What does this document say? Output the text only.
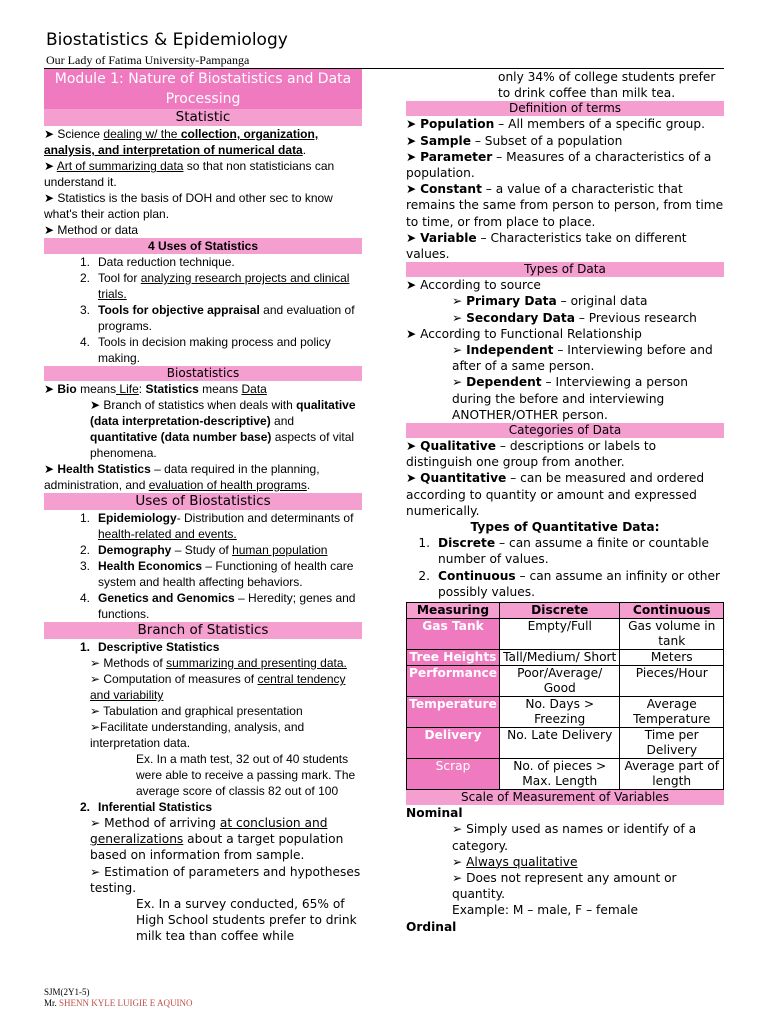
Biostatistics & Epidemiology
Our Lady of Fatima University-Pampanga
Module 1: Nature of Biostatistics and Data Processing
Statistic

➤ Science dealing w/ the collection, organization, analysis, and interpretation of numerical data.

➤ Art of summarizing data so that non statisticians can understand it.

➤ Statistics is the basis of DOH and other sec to know what's their action plan.

➤ Method or data

4 Uses of Statistics
1. Data reduction technique.
2. Tool for analyzing research projects and clinical trials.
3. Tools for objective appraisal and evaluation of programs.
4. Tools in decision making process and policy making.
Biostatistics

➤ Bio means Life: Statistics means Data

➤ Branch of statistics when deals with qualitative (data interpretation-descriptive) and quantitative (data number base) aspects of vital phenomena.

➤ Health Statistics – data required in the planning, administration, and evaluation of health programs.

Uses of Biostatistics
1. Epidemiology- Distribution and determinants of health-related and events.
2. Demography – Study of human population
3. Health Economics – Functioning of health care system and health affecting behaviors.
4. Genetics and Genomics – Heredity; genes and functions.
Branch of Statistics
1. Descriptive Statistics

➢ Methods of summarizing and presenting data.

➢ Computation of measures of central tendency and variability

➢ Tabulation and graphical presentation

➢Facilitate understanding, analysis, and interpretation data.

Ex. In a math test, 32 out of 40 students were able to receive a passing mark. The average score of classis 82 out of 100

2. Inferential Statistics

➢ Method of arriving at conclusion and generalizations about a target population based on information from sample.

➢ Estimation of parameters and hypotheses testing.

Ex. In a survey conducted, 65% of High School students prefer to drink milk tea than coffee while

only 34% of college students prefer to drink coffee than milk tea.

Definition of terms

➤ Population – All members of a specific group.

➤ Sample – Subset of a population

➤ Parameter – Measures of a characteristics of a population.

➤ Constant – a value of a characteristic that remains the same from person to person, from time to time, or from place to place.

➤ Variable – Characteristics take on different values.

Types of Data

➤ According to source

➢ Primary Data – original data

➢ Secondary Data – Previous research

➤ According to Functional Relationship

➢ Independent – Interviewing before and after of a same person.

➢ Dependent – Interviewing a person during the before and interviewing ANOTHER/OTHER person.

Categories of Data

➤ Qualitative – descriptions or labels to distinguish one group from another.

➤ Quantitative – can be measured and ordered according to quantity or amount and expressed numerically.

Types of Quantitative Data:

1. Discrete – can assume a finite or countable number of values.
2. Continuous – can assume an infinity or other possibly values.
Measuring	Discrete	Continuous
Gas Tank	Empty/Full	Gas volume in tank
Tree Heights	Tall/Medium/ Short	Meters
Performance	Poor/Average/ Good	Pieces/Hour
Temperature	No. Days > Freezing	Average Temperature
Delivery	No. Late Delivery	Time per Delivery
Scrap	No. of pieces > Max. Length	Average part of length
Scale of Measurement of Variables

Nominal

➢ Simply used as names or identify of a category.

➢ Always qualitative

➢ Does not represent any amount or quantity.

Example: M – male, F – female

Ordinal

SJM(2Y1-5)
Mr. SHENN KYLE LUIGIE E AQUINO
